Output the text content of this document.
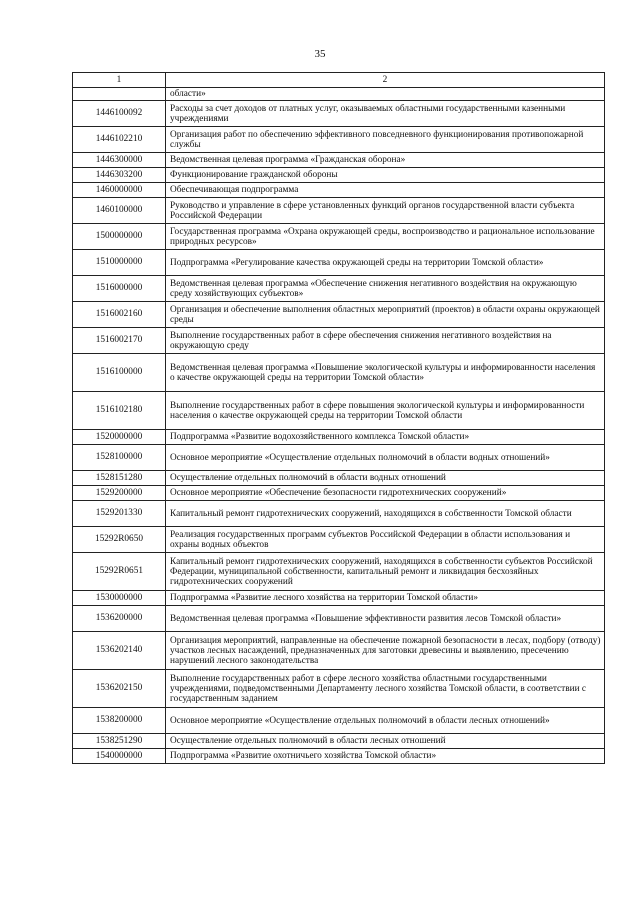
35
1	2
	области»
1446100092	Расходы за счет доходов от платных услуг, оказываемых областными государственными казенными учреждениями
1446102210	Организация работ по обеспечению эффективного повседневного функционирования противопожарной службы
1446300000	Ведомственная целевая программа «Гражданская оборона»
1446303200	Функционирование гражданской обороны
1460000000	Обеспечивающая подпрограмма
1460100000	Руководство и управление в сфере установленных функций органов государственной власти субъекта Российской Федерации
1500000000	Государственная программа «Охрана окружающей среды, воспроизводство и рациональное использование природных ресурсов»
1510000000	Подпрограмма «Регулирование качества окружающей среды на территории Томской области»
1516000000	Ведомственная целевая программа «Обеспечение снижения негативного воздействия на окружающую среду хозяйствующих субъектов»
1516002160	Организация и обеспечение выполнения областных мероприятий (проектов) в области охраны окружающей среды
1516002170	Выполнение государственных работ в сфере обеспечения снижения негативного воздействия на окружающую среду
1516100000	Ведомственная целевая программа «Повышение экологической культуры и информированности населения о качестве окружающей среды на территории Томской области»
1516102180	Выполнение государственных работ в сфере повышения экологической культуры и информированности населения о качестве окружающей среды на территории Томской области
1520000000	Подпрограмма «Развитие водохозяйственного комплекса Томской области»
1528100000	Основное мероприятие «Осуществление отдельных полномочий в области водных отношений»
1528151280	Осуществление отдельных полномочий в области водных отношений
1529200000	Основное мероприятие «Обеспечение безопасности гидротехнических сооружений»
1529201330	Капитальный ремонт гидротехнических сооружений, находящихся в собственности Томской области
15292R0650	Реализация государственных программ субъектов Российской Федерации в области использования и охраны водных объектов
15292R0651	Капитальный ремонт гидротехнических сооружений, находящихся в собственности субъектов Российской Федерации, муниципальной собственности, капитальный ремонт и ликвидация бесхозяйных гидротехнических сооружений
1530000000	Подпрограмма «Развитие лесного хозяйства на территории Томской области»
1536200000	Ведомственная целевая программа «Повышение эффективности развития лесов Томской области»
1536202140	Организация мероприятий, направленные на обеспечение пожарной безопасности в лесах, подбору (отводу) участков лесных насаждений, предназначенных для заготовки древесины и выявлению, пресечению нарушений лесного законодательства
1536202150	Выполнение государственных работ в сфере лесного хозяйства областными государственными учреждениями, подведомственными Департаменту лесного хозяйства Томской области, в соответствии с государственным заданием
1538200000	Основное мероприятие «Осуществление отдельных полномочий в области лесных отношений»
1538251290	Осуществление отдельных полномочий в области лесных отношений
1540000000	Подпрограмма «Развитие охотничьего хозяйства Томской области»
